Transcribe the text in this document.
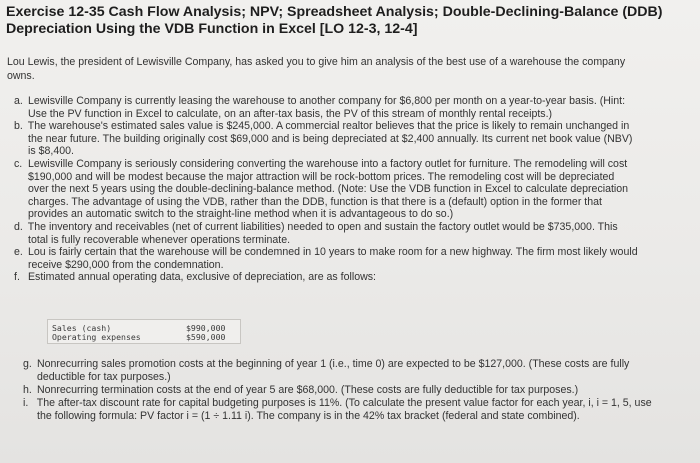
Exercise 12-35 Cash Flow Analysis; NPV; Spreadsheet Analysis; Double-Declining-Balance (DDB)
Depreciation Using the VDB Function in Excel [LO 12-3, 12-4]
Lou Lewis, the president of Lewisville Company, has asked you to give him an analysis of the best use of a warehouse the company
owns.
a. Lewisville Company is currently leasing the warehouse to another company for $6,800 per month on a year-to-year basis. (Hint:
Use the PV function in Excel to calculate, on an after-tax basis, the PV of this stream of monthly rental receipts.)
b. The warehouse's estimated sales value is $245,000. A commercial realtor believes that the price is likely to remain unchanged in
the near future. The building originally cost $69,000 and is being depreciated at $2,400 annually. Its current net book value (NBV)
is $8,400.
c. Lewisville Company is seriously considering converting the warehouse into a factory outlet for furniture. The remodeling will cost
$190,000 and will be modest because the major attraction will be rock-bottom prices. The remodeling cost will be depreciated
over the next 5 years using the double-declining-balance method. (Note: Use the VDB function in Excel to calculate depreciation
charges. The advantage of using the VDB, rather than the DDB, function is that there is a (default) option in the former that
provides an automatic switch to the straight-line method when it is advantageous to do so.)
d. The inventory and receivables (net of current liabilities) needed to open and sustain the factory outlet would be $735,000. This
total is fully recoverable whenever operations terminate.
e. Lou is fairly certain that the warehouse will be condemned in 10 years to make room for a new highway. The firm most likely would
receive $290,000 from the condemnation.
f. Estimated annual operating data, exclusive of depreciation, are as follows:
Sales (cash)	$990,000
Operating expenses	$590,000
g. Nonrecurring sales promotion costs at the beginning of year 1 (i.e., time 0) are expected to be $127,000. (These costs are fully
deductible for tax purposes.)
h. Nonrecurring termination costs at the end of year 5 are $68,000. (These costs are fully deductible for tax purposes.)
i. The after-tax discount rate for capital budgeting purposes is 11%. (To calculate the present value factor for each year, i, i = 1, 5, use
the following formula: PV factor i = (1 ÷ 1.11 i). The company is in the 42% tax bracket (federal and state combined).
